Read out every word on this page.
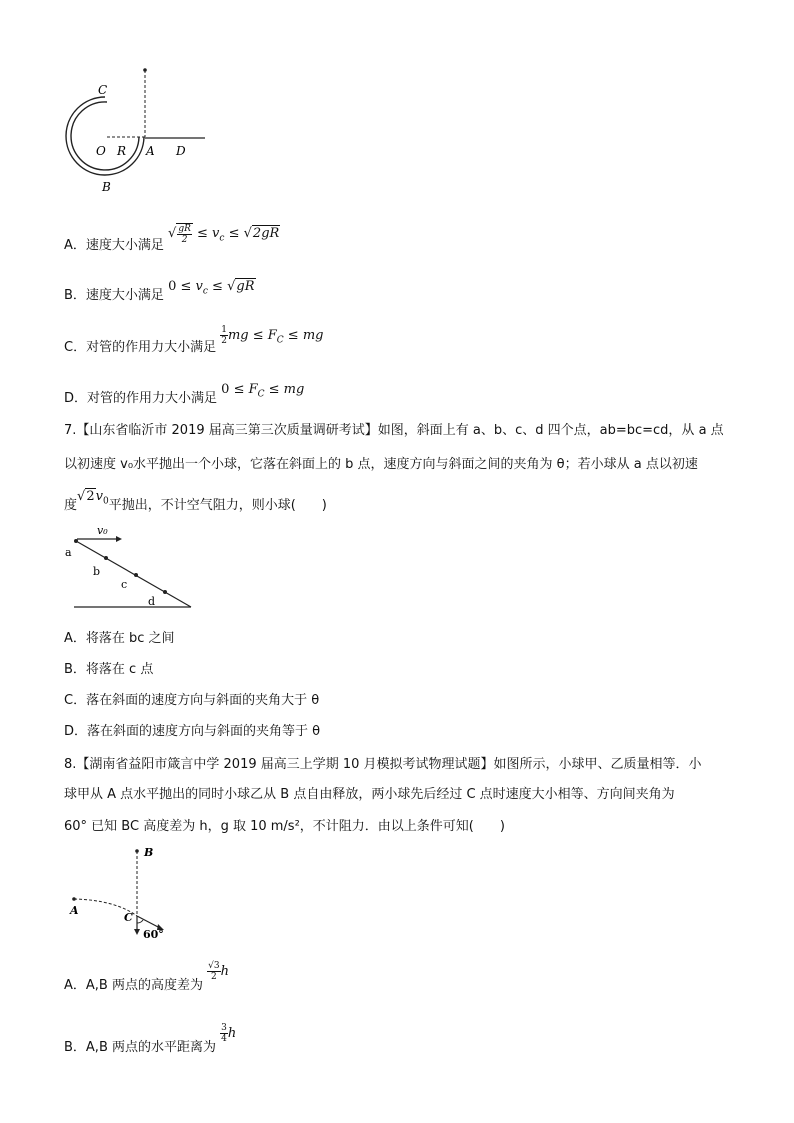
C
O R A D
B
A．速度大小满足 √ $\frac{gR}{2} \le v_c \le √2gR$
B．速度大小满足 $0 \le v_c \le √gR$
C．对管的作用力大小满足
$\frac{1}{2}$ mg ≤ $F_C$ ≤ mg
D．对管的作用力大小满足 $0 \le F_C$ ≤ mg
7.【山东省临沂市 2019 届高三第三次质量调研考试】如图，斜面上有 a、b、c、d 四个点，ab=bc=cd，从 a 点
以初速度 v₀水平抛出一个小球，它落在斜面上的 b 点，速度方向与斜面之间的夹角为 θ；若小球从 a 点以初速
度$√2v_0$平抛出，不计空气阻力，则小球(　　)
v₀
a
b
c
d
A．将落在 bc 之间
B．将落在 c 点
C．落在斜面的速度方向与斜面的夹角大于 θ
D．落在斜面的速度方向与斜面的夹角等于 θ
8.【湖南省益阳市箴言中学 2019 届高三上学期 10 月模拟考试物理试题】如图所示，小球甲、乙质量相等．小
球甲从 A 点水平抛出的同时小球乙从 B 点自由释放，两小球先后经过 C 点时速度大小相等、方向间夹角为
60° 已知 BC 高度差为 h，g 取 10 m/s²，不计阻力．由以上条件可知(　　)
B
A
C
60°
A．A,B 两点的高度差为
$\frac{√3}{2}$ h
B．A,B 两点的水平距离为
$\frac{3}{4}$ h
